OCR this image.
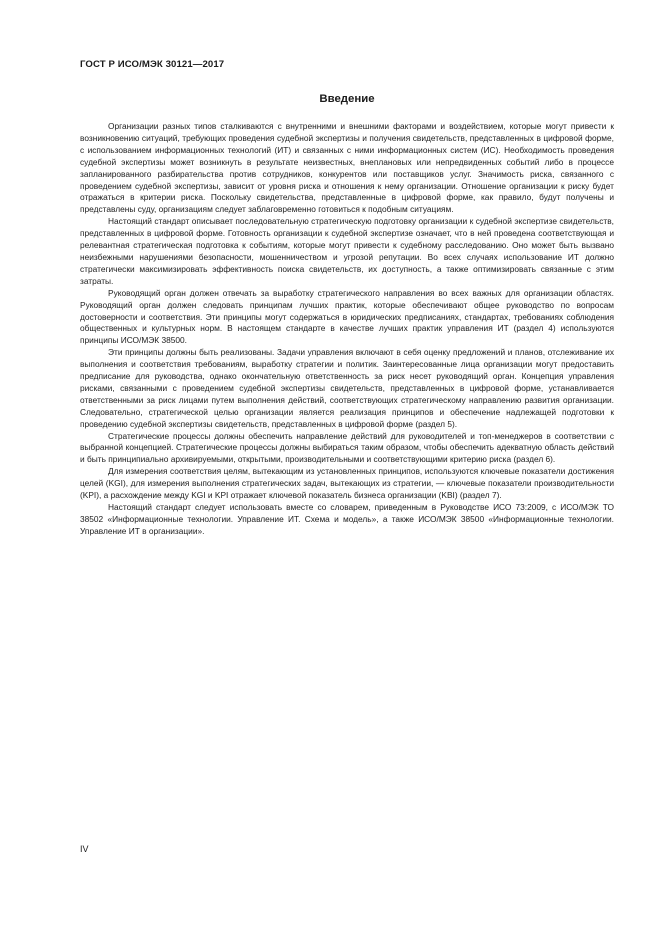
ГОСТ Р ИСО/МЭК 30121—2017
Введение

Организации разных типов сталкиваются с внутренними и внешними факторами и воздействием, которые могут привести к возникновению ситуаций, требующих проведения судебной экспертизы и получения свидетельств, представленных в цифровой форме, с использованием информационных технологий (ИТ) и связанных с ними информационных систем (ИС). Необходимость проведения судебной экспертизы может возникнуть в результате неизвестных, внеплановых или непредвиденных событий либо в процессе запланированного разбирательства против сотрудников, конкурентов или поставщиков услуг. Значимость риска, связанного с проведением судебной экспертизы, зависит от уровня риска и отношения к нему организации. Отношение организации к риску будет отражаться в критерии риска. Поскольку свидетельства, представленные в цифровой форме, как правило, будут получены и представлены суду, организациям следует заблаговременно готовиться к подобным ситуациям.

Настоящий стандарт описывает последовательную стратегическую подготовку организации к судебной экспертизе свидетельств, представленных в цифровой форме. Готовность организации к судебной экспертизе означает, что в ней проведена соответствующая и релевантная стратегическая подготовка к событиям, которые могут привести к судебному расследованию. Оно может быть вызвано неизбежными нарушениями безопасности, мошенничеством и угрозой репутации. Во всех случаях использование ИТ должно стратегически максимизировать эффективность поиска свидетельств, их доступность, а также оптимизировать связанные с этим затраты.

Руководящий орган должен отвечать за выработку стратегического направления во всех важных для организации областях. Руководящий орган должен следовать принципам лучших практик, которые обеспечивают общее руководство по вопросам достоверности и соответствия. Эти принципы могут содержаться в юридических предписаниях, стандартах, требованиях соблюдения общественных и культурных норм. В настоящем стандарте в качестве лучших практик управления ИТ (раздел 4) используются принципы ИСО/МЭК 38500.

Эти принципы должны быть реализованы. Задачи управления включают в себя оценку предложений и планов, отслеживание их выполнения и соответствия требованиям, выработку стратегии и политик. Заинтересованные лица организации могут предоставить предписание для руководства, однако окончательную ответственность за риск несет руководящий орган. Концепция управления рисками, связанными с проведением судебной экспертизы свидетельств, представленных в цифровой форме, устанавливается ответственными за риск лицами путем выполнения действий, соответствующих стратегическому направлению развития организации. Следовательно, стратегической целью организации является реализация принципов и обеспечение надлежащей подготовки к проведению судебной экспертизы свидетельств, представленных в цифровой форме (раздел 5).

Стратегические процессы должны обеспечить направление действий для руководителей и топ-менеджеров в соответствии с выбранной концепцией. Стратегические процессы должны выбираться таким образом, чтобы обеспечить адекватную область действий и быть принципиально архивируемыми, открытыми, производительными и соответствующими критерию риска (раздел 6).

Для измерения соответствия целям, вытекающим из установленных принципов, используются ключевые показатели достижения целей (KGI), для измерения выполнения стратегических задач, вытекающих из стратегии, — ключевые показатели производительности (KPI), а расхождение между KGI и KPI отражает ключевой показатель бизнеса организации (KBI) (раздел 7).

Настоящий стандарт следует использовать вместе со словарем, приведенным в Руководстве ИСО 73:2009, с ИСО/МЭК ТО 38502 «Информационные технологии. Управление ИТ. Схема и модель», а также ИСО/МЭК 38500 «Информационные технологии. Управление ИТ в организации».

IV
